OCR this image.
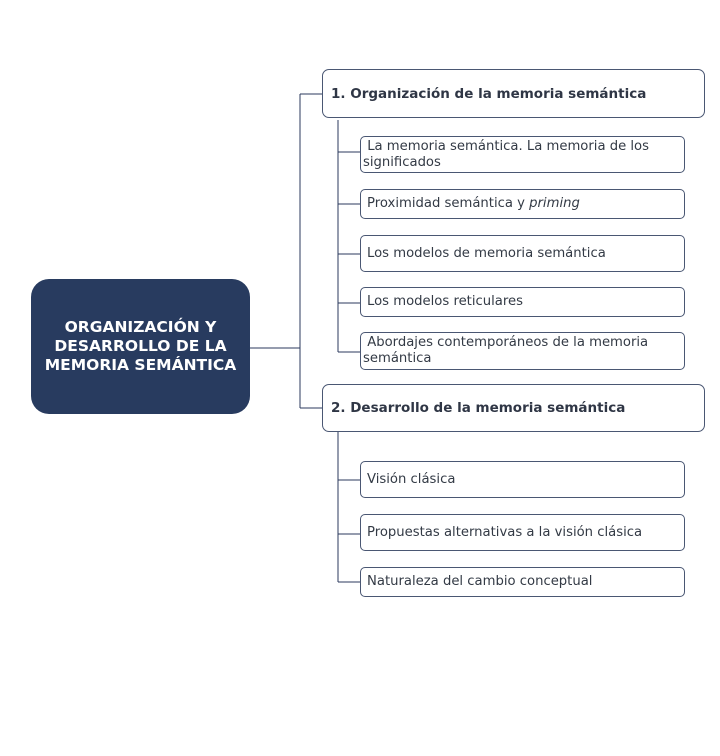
ORGANIZACIÓN Y
DESARROLLO DE LA
MEMORIA SEMÁNTICA
1. Organización de la memoria semántica
La memoria semántica. La memoria de los
significados
Proximidad semántica y priming
Los modelos de memoria semántica
Los modelos reticulares
Abordajes contemporáneos de la memoria
semántica
2. Desarrollo de la memoria semántica
Visión clásica
Propuestas alternativas a la visión clásica
Naturaleza del cambio conceptual
